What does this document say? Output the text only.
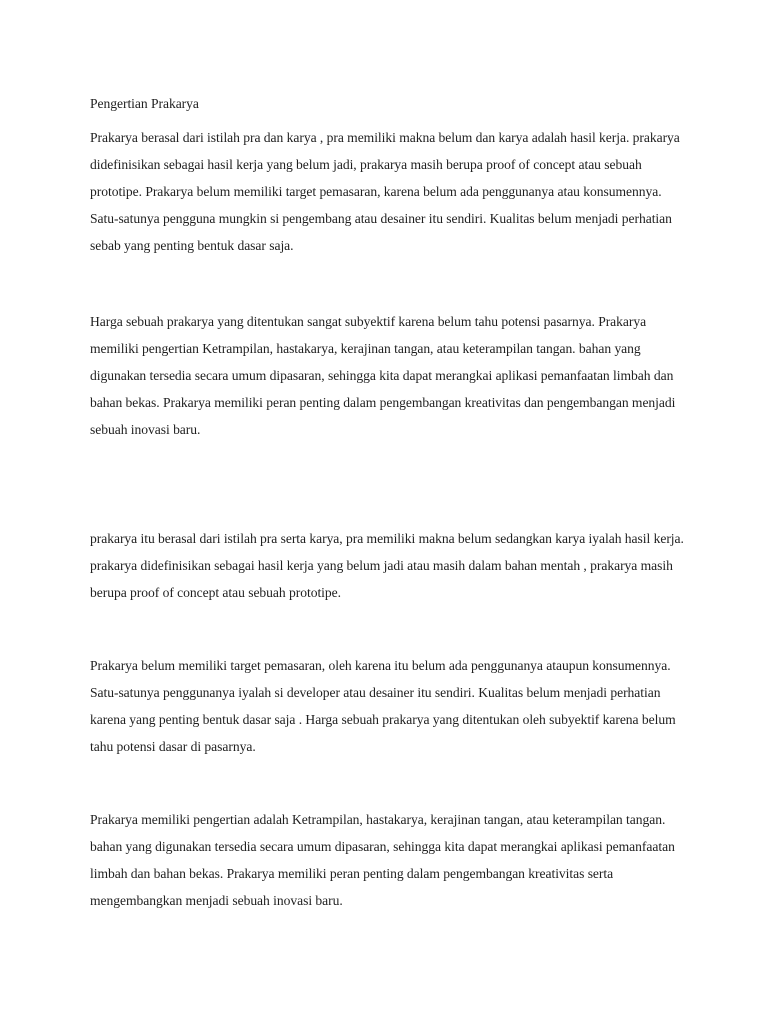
Pengertian Prakarya

Prakarya berasal dari istilah pra dan karya , pra memiliki makna belum dan karya adalah hasil kerja. prakarya didefinisikan sebagai hasil kerja yang belum jadi, prakarya masih berupa proof of concept atau sebuah prototipe. Prakarya belum memiliki target pemasaran, karena belum ada penggunanya atau konsumennya. Satu-satunya pengguna mungkin si pengembang atau desainer itu sendiri. Kualitas belum menjadi perhatian sebab yang penting bentuk dasar saja.

Harga sebuah prakarya yang ditentukan sangat subyektif karena belum tahu potensi pasarnya. Prakarya memiliki pengertian Ketrampilan, hastakarya, kerajinan tangan, atau keterampilan tangan. bahan yang digunakan tersedia secara umum dipasaran, sehingga kita dapat merangkai aplikasi pemanfaatan limbah dan bahan bekas. Prakarya memiliki peran penting dalam pengembangan kreativitas dan pengembangan menjadi sebuah inovasi baru.

prakarya itu berasal dari istilah pra serta karya, pra memiliki makna belum sedangkan karya iyalah hasil kerja. prakarya didefinisikan sebagai hasil kerja yang belum jadi atau masih dalam bahan mentah , prakarya masih berupa proof of concept atau sebuah prototipe.

Prakarya belum memiliki target pemasaran, oleh karena itu belum ada penggunanya ataupun konsumennya. Satu-satunya penggunanya iyalah si developer atau desainer itu sendiri. Kualitas belum menjadi perhatian karena yang penting bentuk dasar saja . Harga sebuah prakarya yang ditentukan oleh subyektif karena belum tahu potensi dasar di pasarnya.

Prakarya memiliki pengertian adalah Ketrampilan, hastakarya, kerajinan tangan, atau keterampilan tangan. bahan yang digunakan tersedia secara umum dipasaran, sehingga kita dapat merangkai aplikasi pemanfaatan limbah dan bahan bekas. Prakarya memiliki peran penting dalam pengembangan kreativitas serta mengembangkan menjadi sebuah inovasi baru.
